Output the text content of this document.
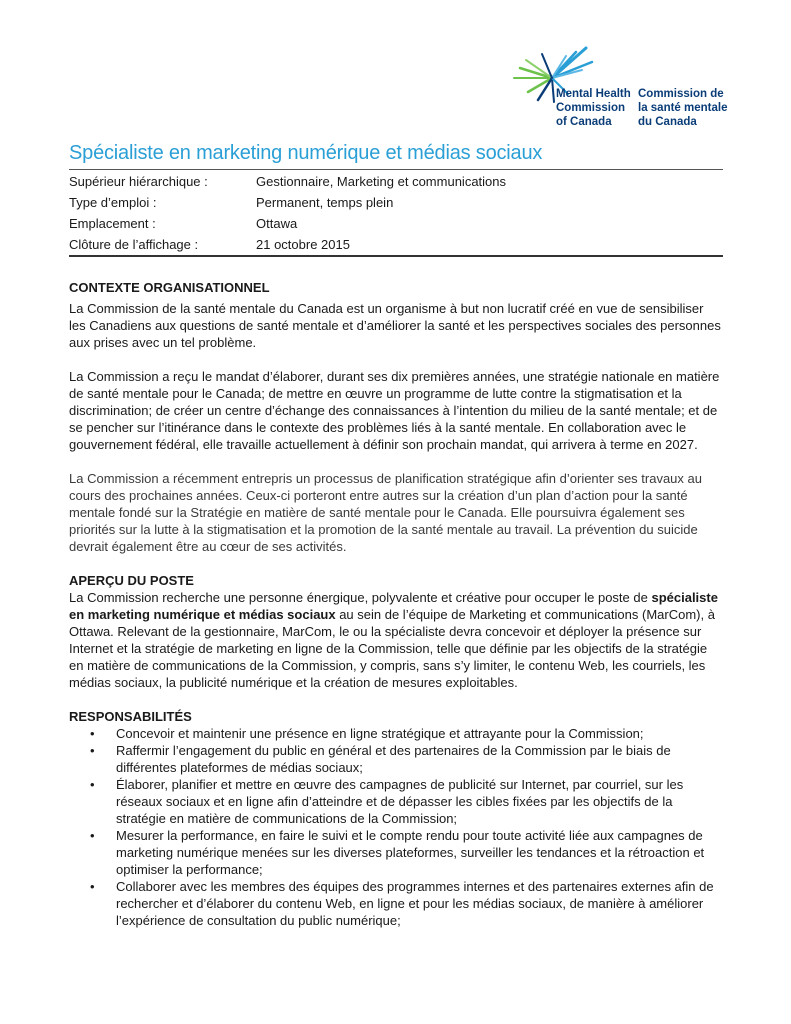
Mental Health
Commission
of Canada
Commission de
la santé mentale
du Canada
Spécialiste en marketing numérique et médias sociaux
Supérieur hiérarchique :	Gestionnaire, Marketing et communications
Type d’emploi :	Permanent, temps plein
Emplacement :	Ottawa
Clôture de l’affichage :	21 octobre 2015

CONTEXTE ORGANISATIONNEL

La Commission de la santé mentale du Canada est un organisme à but non lucratif créé en vue de sensibiliser les Canadiens aux questions de santé mentale et d’améliorer la santé et les perspectives sociales des personnes aux prises avec un tel problème.

La Commission a reçu le mandat d’élaborer, durant ses dix premières années, une stratégie nationale en matière de santé mentale pour le Canada; de mettre en œuvre un programme de lutte contre la stigmatisation et la discrimination; de créer un centre d’échange des connaissances à l’intention du milieu de la santé mentale; et de se pencher sur l’itinérance dans le contexte des problèmes liés à la santé mentale. En collaboration avec le gouvernement fédéral, elle travaille actuellement à définir son prochain mandat, qui arrivera à terme en 2027.

La Commission a récemment entrepris un processus de planification stratégique afin d’orienter ses travaux au cours des prochaines années. Ceux-ci porteront entre autres sur la création d’un plan d’action pour la santé mentale fondé sur la Stratégie en matière de santé mentale pour le Canada. Elle poursuivra également ses priorités sur la lutte à la stigmatisation et la promotion de la santé mentale au travail. La prévention du suicide devrait également être au cœur de ses activités.

APERÇU DU POSTE

La Commission recherche une personne énergique, polyvalente et créative pour occuper le poste de spécialiste en marketing numérique et médias sociaux au sein de l’équipe de Marketing et communications (MarCom), à Ottawa. Relevant de la gestionnaire, MarCom, le ou la spécialiste devra concevoir et déployer la présence sur Internet et la stratégie de marketing en ligne de la Commission, telle que définie par les objectifs de la stratégie en matière de communications de la Commission, y compris, sans s’y limiter, le contenu Web, les courriels, les médias sociaux, la publicité numérique et la création de mesures exploitables.

RESPONSABILITÉS

• Concevoir et maintenir une présence en ligne stratégique et attrayante pour la Commission;
• Raffermir l’engagement du public en général et des partenaires de la Commission par le biais de différentes plateformes de médias sociaux;
• Élaborer, planifier et mettre en œuvre des campagnes de publicité sur Internet, par courriel, sur les réseaux sociaux et en ligne afin d’atteindre et de dépasser les cibles fixées par les objectifs de la stratégie en matière de communications de la Commission;
• Mesurer la performance, en faire le suivi et le compte rendu pour toute activité liée aux campagnes de marketing numérique menées sur les diverses plateformes, surveiller les tendances et la rétroaction et optimiser la performance;
• Collaborer avec les membres des équipes des programmes internes et des partenaires externes afin de rechercher et d’élaborer du contenu Web, en ligne et pour les médias sociaux, de manière à améliorer l’expérience de consultation du public numérique;
